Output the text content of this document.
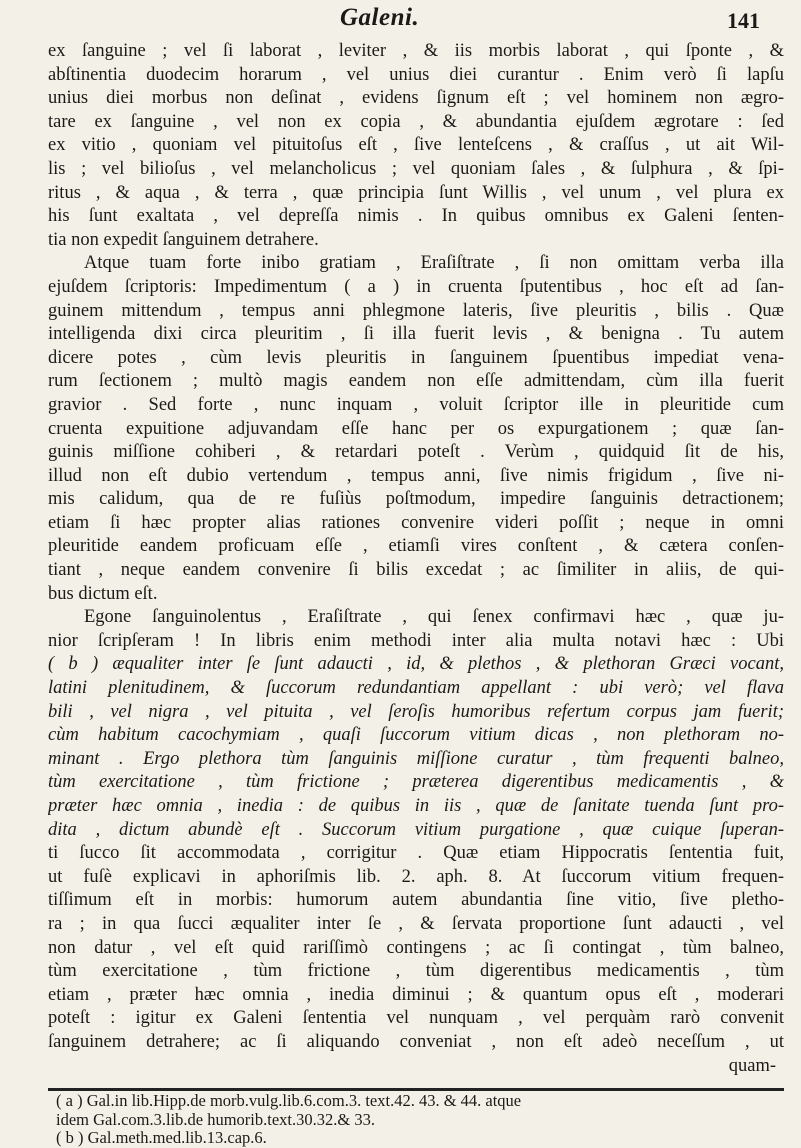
Galeni.	141
ex ſanguine ; vel ſi laborat , leviter , & iis morbis laborat , qui ſponte , &
abſtinentia duodecim horarum , vel unius diei curantur . Enim verò ſi lapſu
unius diei morbus non deſinat , evidens ſignum eſt ; vel hominem non ægro-
tare ex ſanguine , vel non ex copia , & abundantia ejuſdem ægrotare : ſed
ex vitio , quoniam vel pituitoſus eſt , ſive lenteſcens , & craſſus , ut ait Wil-
lis ; vel bilioſus , vel melancholicus ; vel quoniam ſales , & ſulphura , & ſpi-
ritus , & aqua , & terra , quæ principia ſunt Willis , vel unum , vel plura ex
his ſunt exaltata , vel depreſſa nimis . In quibus omnibus ex Galeni ſenten-
tia non expedit ſanguinem detrahere.
Atque tuam forte inibo gratiam , Eraſiſtrate , ſi non omittam verba illa
ejuſdem ſcriptoris: Impedimentum ( a ) in cruenta ſputentibus , hoc eſt ad ſan-
guinem mittendum , tempus anni phlegmone lateris, ſive pleuritis , bilis . Quæ
intelligenda dixi circa pleuritim , ſi illa fuerit levis , & benigna . Tu autem
dicere potes , cùm levis pleuritis in ſanguinem ſpuentibus impediat vena-
rum ſectionem ; multò magis eandem non eſſe admittendam, cùm illa fuerit
gravior . Sed forte , nunc inquam , voluit ſcriptor ille in pleuritide cum
cruenta expuitione adjuvandam eſſe hanc per os expurgationem ; quæ ſan-
guinis miſſione cohiberi , & retardari poteſt . Verùm , quidquid ſit de his,
illud non eſt dubio vertendum , tempus anni, ſive nimis frigidum , ſive ni-
mis calidum, qua de re fuſiùs poſtmodum, impedire ſanguinis detractionem;
etiam ſi hæc propter alias rationes convenire videri poſſit ; neque in omni
pleuritide eandem proficuam eſſe , etiamſi vires conſtent , & cætera conſen-
tiant , neque eandem convenire ſi bilis excedat ; ac ſimiliter in aliis, de qui-
bus dictum eſt.
Egone ſanguinolentus , Eraſiſtrate , qui ſenex confirmavi hæc , quæ ju-
nior ſcripſeram ! In libris enim methodi inter alia multa notavi hæc : Ubi
( b ) æqualiter inter ſe ſunt adaucti , id, & plethos , & plethoran Græci vocant,
latini plenitudinem, & ſuccorum redundantiam appellant : ubi verò; vel flava
bili , vel nigra , vel pituita , vel ſeroſis humoribus refertum corpus jam fuerit;
cùm habitum cacochymiam , quaſi ſuccorum vitium dicas , non plethoram no-
minant . Ergo plethora tùm ſanguinis miſſione curatur , tùm frequenti balneo,
tùm exercitatione , tùm frictione ; præterea digerentibus medicamentis , &
præter hæc omnia , inedia : de quibus in iis , quæ de ſanitate tuenda ſunt pro-
dita , dictum abundè eſt . Succorum vitium purgatione , quæ cuique ſuperan-
ti ſucco ſit accommodata , corrigitur . Quæ etiam Hippocratis ſententia fuit,
ut fuſè explicavi in aphoriſmis lib. 2. aph. 8. At ſuccorum vitium frequen-
tiſſimum eſt in morbis: humorum autem abundantia ſine vitio, ſive pletho-
ra ; in qua ſucci æqualiter inter ſe , & ſervata proportione ſunt adaucti , vel
non datur , vel eſt quid rariſſimò contingens ; ac ſi contingat , tùm balneo,
tùm exercitatione , tùm frictione , tùm digerentibus medicamentis , tùm
etiam , præter hæc omnia , inedia diminui ; & quantum opus eſt , moderari
poteſt : igitur ex Galeni ſententia vel nunquam , vel perquàm rarò convenit
ſanguinem detrahere; ac ſi aliquando conveniat , non eſt adeò neceſſum , ut
quam-
( a ) Gal.in lib.Hipp.de morb.vulg.lib.6.com.3. text.42. 43. & 44. atque
idem Gal.com.3.lib.de humorib.text.30.32.& 33.
( b ) Gal.meth.med.lib.13.cap.6.
